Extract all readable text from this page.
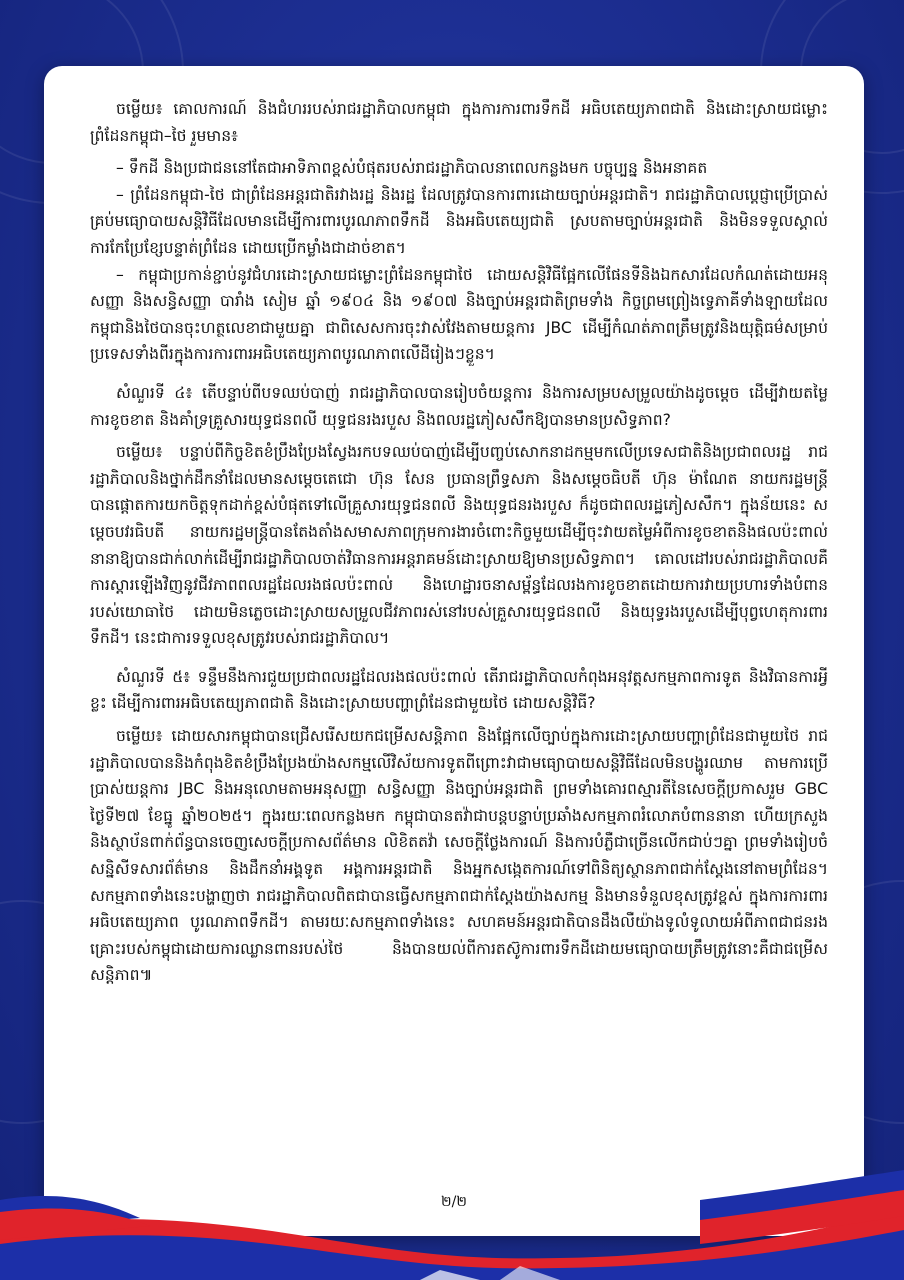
ចម្លើយ៖ គោលការណ៍ និងជំហររបស់រាជរដ្ឋាភិបាលកម្ពុជា ក្នុងការការពារទឹកដី អធិបតេយ្យភាពជាតិ និងដោះស្រាយជម្លោះព្រំដែនកម្ពុជា–ថៃ រួមមាន៖

– ទឹកដី និងប្រជាជននៅតែជាអាទិភាពខ្ពស់បំផុតរបស់រាជរដ្ឋាភិបាលនាពេលកន្លងមក បច្ចុប្បន្ន និងអនាគត

– ព្រំដែនកម្ពុជា-ថៃ ជាព្រំដែនអន្តរជាតិរវាងរដ្ឋ និងរដ្ឋ ដែលត្រូវបានការពារដោយច្បាប់អន្តរជាតិ។ រាជរដ្ឋាភិបាលប្តេជ្ញាប្រើប្រាស់គ្រប់មធ្យោបាយសន្តិវិធីដែលមានដើម្បីការពារបូរណភាពទឹកដី និងអធិបតេយ្យជាតិ ស្របតាមច្បាប់អន្តរជាតិ និងមិនទទួលស្គាល់ការកែប្រែខ្សែបន្ទាត់ព្រំដែន ដោយប្រើកម្លាំងជាដាច់ខាត។

– កម្ពុជាប្រកាន់ខ្ជាប់នូវជំហរដោះស្រាយជម្លោះព្រំដែនកម្ពុជាថៃ ដោយសន្តិវិធីផ្អែកលើផែនទីនិងឯកសារដែលកំណត់ដោយអនុសញ្ញា និងសន្ធិសញ្ញា បារាំង សៀម ឆ្នាំ ១៩០៤ និង ១៩០៧ និងច្បាប់អន្តរជាតិព្រមទាំង កិច្ចព្រមព្រៀងទ្វេភាគីទាំងឡាយដែលកម្ពុជានិងថៃបានចុះហត្ថលេខាជាមួយគ្នា ជាពិសេសការចុះវាស់វែងតាមយន្តការ JBC ដើម្បីកំណត់ភាពត្រឹមត្រូវនិងយុត្តិធម៌សម្រាប់ប្រទេសទាំងពីរក្នុងការការពារអធិបតេយ្យភាពបូរណភាពលើដីរៀងៗខ្លួន។

សំណួរទី ៤៖ តើបន្ទាប់ពីបទឈប់បាញ់ រាជរដ្ឋាភិបាលបានរៀបចំយន្តការ និងការសម្របសម្រួលយ៉ាងដូចម្តេច ដើម្បីវាយតម្លៃការខូចខាត និងគាំទ្រគ្រួសារយុទ្ធជនពលី យុទ្ធជនរងរបួស និងពលរដ្ឋភៀសសឹកឱ្យបានមានប្រសិទ្ធភាព?

ចម្លើយ៖ បន្ទាប់ពីកិច្ចខិតខំប្រឹងប្រែងស្វែងរកបទឈប់បាញ់ដើម្បីបញ្ចប់សោកនាដកម្មមកលើប្រទេសជាតិនិងប្រជាពលរដ្ឋ រាជរដ្ឋាភិបាលនិងថ្នាក់ដឹកនាំដែលមានសម្តេចតេជោ ហ៊ុន សែន ប្រធានព្រឹទ្ធសភា និងសម្តេចធិបតី ហ៊ុន ម៉ាណែត នាយករដ្ឋមន្ត្រីបានផ្តោតការយកចិត្តទុកដាក់ខ្ពស់បំផុតទៅលើគ្រួសារយុទ្ធជនពលី និងយុទ្ធជនរងរបួស ក៏ដូចជាពលរដ្ឋភៀសសឹក។ ក្នុងន័យនេះ សម្តេចបវរធិបតី នាយករដ្ឋមន្ត្រីបានតែងតាំងសមាសភាពក្រុមការងារចំពោះកិច្ចមួយដើម្បីចុះវាយតម្លៃអំពីការខូចខាតនិងផលប៉ះពាល់នានាឱ្យបានជាក់លាក់ដើម្បីរាជរដ្ឋាភិបាលចាត់វិធានការអន្តរាគមន៍ដោះស្រាយឱ្យមានប្រសិទ្ធភាព។ គោលដៅរបស់រាជរដ្ឋាភិបាលគឺការស្តារឡើងវិញនូវជីវភាពពលរដ្ឋដែលរងផលប៉ះពាល់ និងហេដ្ឋារចនាសម្ព័ន្ធដែលរងការខូចខាតដោយការវាយប្រហារទាំងបំពានរបស់យោធាថៃ ដោយមិនភ្លេចដោះស្រាយសម្រួលជីវភាពរស់នៅរបស់គ្រួសារយុទ្ធជនពលី និងយុទ្ធរងរបួសដើម្បីបុព្វហេតុការពារទឹកដី។ នេះជាការទទួលខុសត្រូវរបស់រាជរដ្ឋាភិបាល។

សំណួរទី ៥៖ ទន្ទឹមនឹងការជួយប្រជាពលរដ្ឋដែលរងផលប៉ះពាល់ តើរាជរដ្ឋាភិបាលកំពុងអនុវត្តសកម្មភាពការទូត និងវិធានការអ្វីខ្លះ ដើម្បីការពារអធិបតេយ្យភាពជាតិ និងដោះស្រាយបញ្ហាព្រំដែនជាមួយថៃ ដោយសន្តិវិធី?

ចម្លើយ៖ ដោយសារកម្ពុជាបានជ្រើសរើសយកជម្រើសសន្តិភាព និងផ្អែកលើច្បាប់ក្នុងការដោះស្រាយបញ្ហាព្រំដែនជាមួយថៃ រាជរដ្ឋាភិបាលបាននិងកំពុងខិតខំប្រឹងប្រែងយ៉ាងសកម្មលើវិស័យការទូតពីព្រោះវាជាមធ្យោបាយសន្តិវិធីដែលមិនបង្ហូរឈាម តាមការប្រើប្រាស់យន្តការ JBC និងអនុលោមតាមអនុសញ្ញា សន្ធិសញ្ញា និងច្បាប់អន្តរជាតិ ព្រមទាំងគោរពស្មារតីនៃសេចក្តីប្រកាសរួម GBC ថ្ងៃទី២៧ ខែធ្នូ ឆ្នាំ២០២៥។ ក្នុងរយៈពេលកន្លងមក កម្ពុជាបានតវ៉ាជាបន្តបន្ទាប់ប្រឆាំងសកម្មភាពរំលោភបំពាននានា ហើយក្រសួង និងស្ថាប័នពាក់ព័ន្ធបានចេញសេចក្តីប្រកាសព័ត៌មាន លិខិតតវ៉ា សេចក្តីថ្លែងការណ៍ និងការបំភ្លឺជាច្រើនលើកជាប់ៗគ្នា ព្រមទាំងរៀបចំសន្និសីទសារព័ត៌មាន និងដឹកនាំអង្គទូត អង្គការអន្តរជាតិ និងអ្នកសង្កេតការណ៍ទៅពិនិត្យស្ថានភាពជាក់ស្តែងនៅតាមព្រំដែន។ សកម្មភាពទាំងនេះបង្ហាញថា រាជរដ្ឋាភិបាលពិតជាបានធ្វើសកម្មភាពជាក់ស្តែងយ៉ាងសកម្ម និងមានទំនួលខុសត្រូវខ្ពស់ ក្នុងការការពារអធិបតេយ្យភាព បូរណភាពទឹកដី។ តាមរយៈសកម្មភាពទាំងនេះ សហគមន៍អន្តរជាតិបានដឹងលឺយ៉ាងទូលំទូលាយអំពីភាពជាជនរងគ្រោះរបស់កម្ពុជាដោយការឈ្លានពានរបស់ថៃ និងបានយល់ពីការតស៊ូការពារទឹកដីដោយមធ្យោបាយត្រឹមត្រូវនោះគឺជាជម្រើសសន្តិភាព៕

២/២
